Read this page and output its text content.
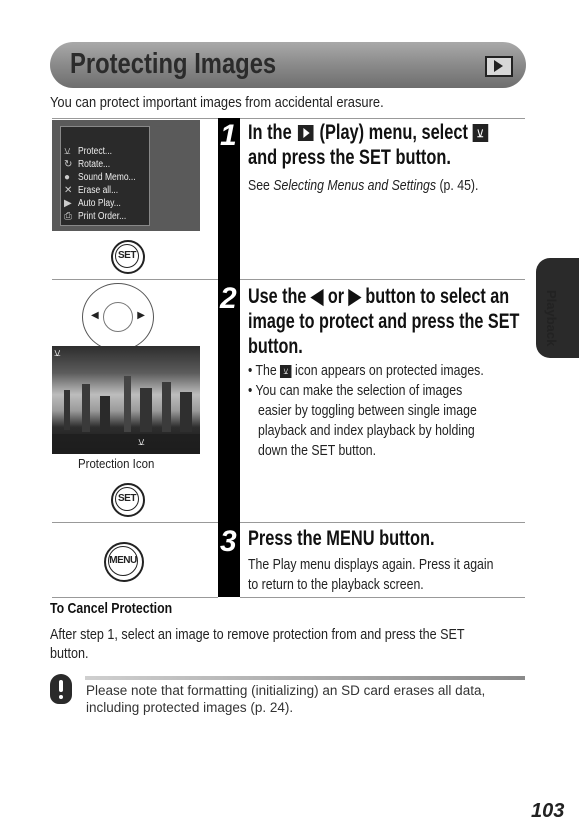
Protecting Images
You can protect important images from accidental erasure.
⚺ Protect...
↻ Rotate...
● Sound Memo...
✕ Erase all...
▶ Auto Play...
⎙ Print Order...
SET
1 In the (Play) menu, select ⚺
and press the SET button.
See Selecting Menus and Settings (p. 45).
◀	▶
⚺
⚺
Protection Icon
SET
2 Use the ◀ or ▶ button to select an
image to protect and press the SET
button.
• The ⚺ icon appears on protected images.
• You can make the selection of images
easier by toggling between single image
playback and index playback by holding
down the SET button.
MENU
3 Press the MENU button.
The Play menu displays again. Press it again
to return to the playback screen.
Playback
To Cancel Protection
After step 1, select an image to remove protection from and press the SET
button.
Please note that formatting (initializing) an SD card erases all data,
including protected images (p. 24).
103
